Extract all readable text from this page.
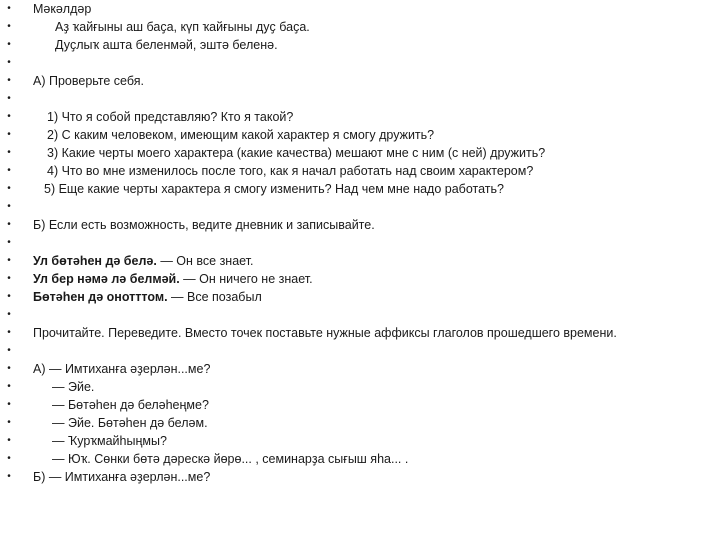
• Мәкәлдәр
•	Аҙ ҡайғыны аш баҫа, күп ҡайғыны дуҫ баҫа.
•	Дуҫлыҡ ашта беленмәй, эштә беленә.
•
• А) Проверьте себя.
•
•	1) Что я собой представляю? Кто я такой?
•	2) С каким человеком, имеющим какой характер я смогу дружить?
•	3) Какие черты моего характера (какие качества) мешают мне с ним (с ней) дружить?
•	4) Что во мне изменилось после того, как я начал работать над своим характером?
•	5) Еще какие черты характера я смогу изменить? Над чем мне надо работать?
•
• Б) Если есть возможность, ведите дневник и записывайте.
•
• Ул бөтәһен дә белә. — Он все знает.
• Ул бер нәмә лә белмәй. — Он ничего не знает.
• Бөтәһен дә онотттом. — Все позабыл
•
• Прочитайте. Переведите. Вместо точек поставьте нужные аффиксы глаголов прошедшего времени.
•
• А) — Имтиханға әҙерлән...ме?
•	— Эйе.
•	— Бөтәһен дә беләһеңме?
•	— Эйе. Бөтәһен дә беләм.
•	— Ҡурҡмайһыңмы?
•	— Юҡ. Сөнки бөтә дәрескә йөрө... , семинарҙа сығыш яһа... .
• Б) — Имтиханға әҙерлән...ме?
